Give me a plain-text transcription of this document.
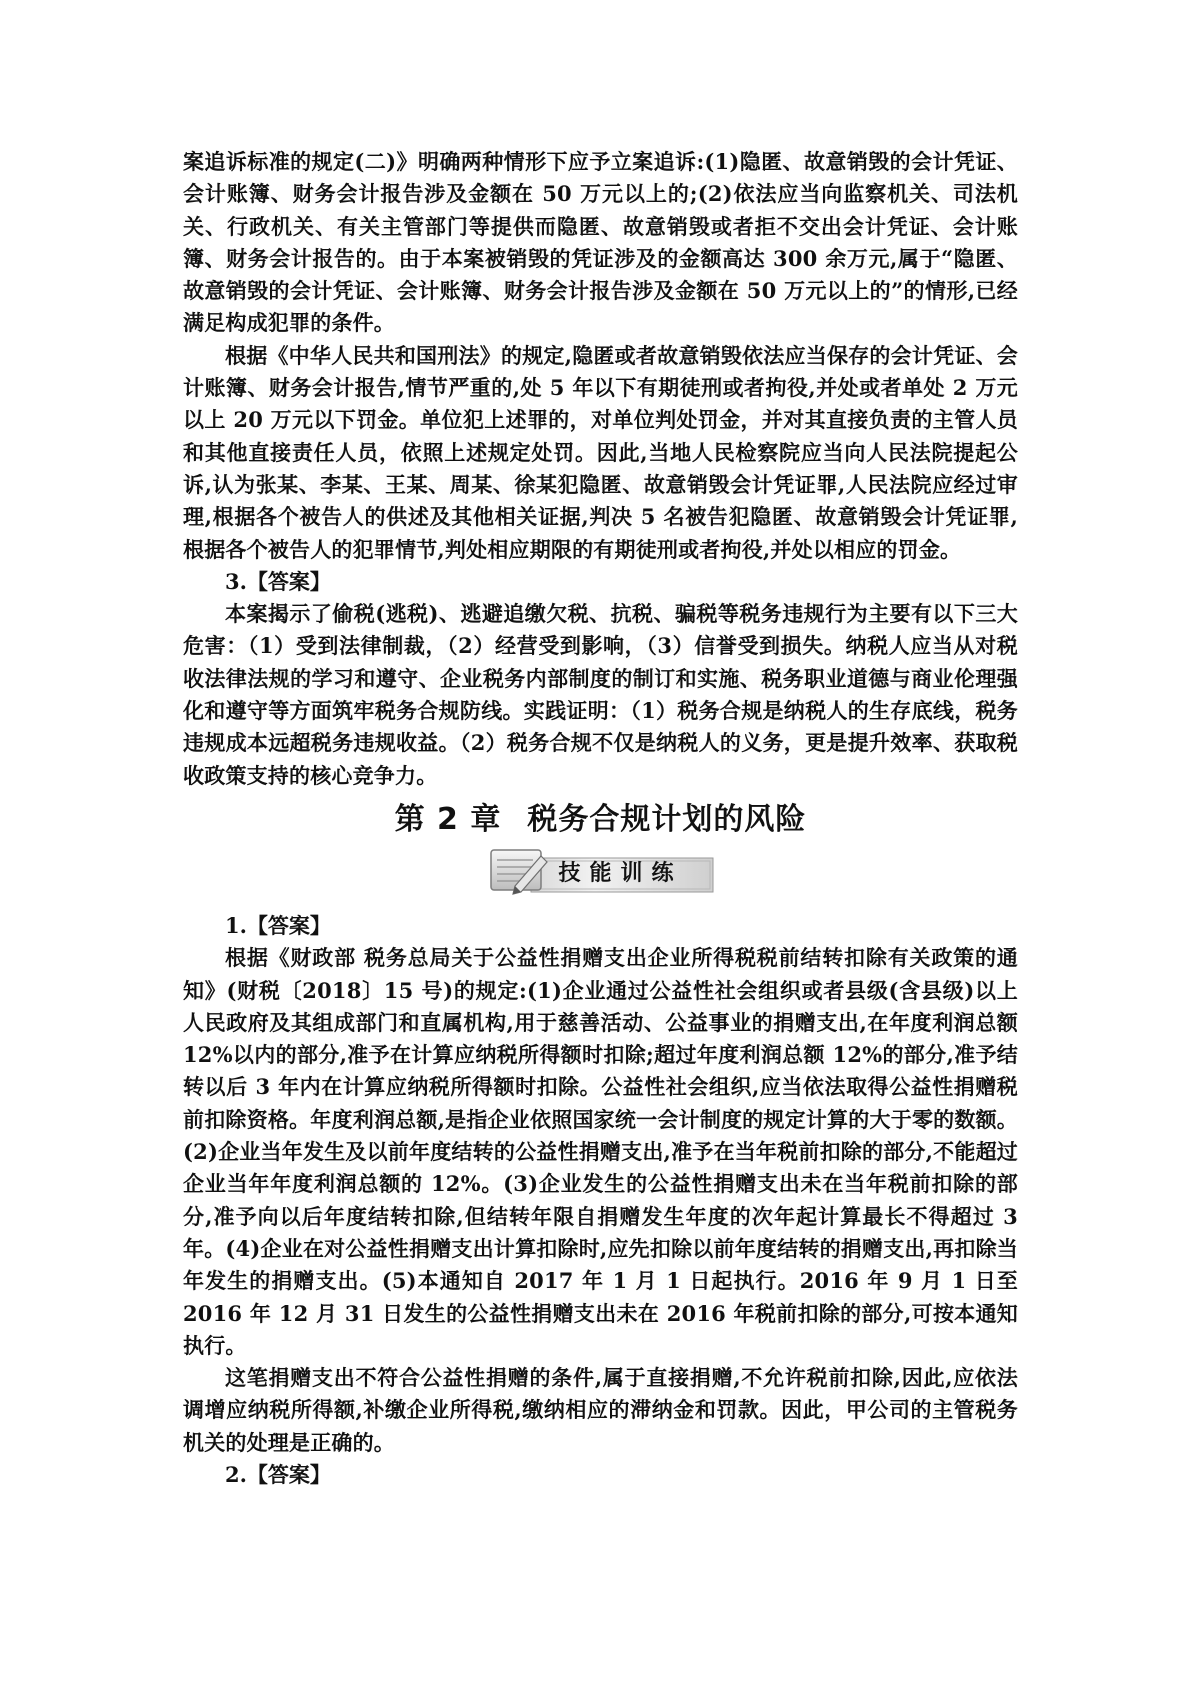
案追诉标准的规定(二)》明确两种情形下应予立案追诉:(1)隐匿、故意销毁的会计凭证、会计账簿、财务会计报告涉及金额在 50 万元以上的;(2)依法应当向监察机关、司法机关、行政机关、有关主管部门等提供而隐匿、故意销毁或者拒不交出会计凭证、会计账簿、财务会计报告的。由于本案被销毁的凭证涉及的金额高达 300 余万元,属于“隐匿、故意销毁的会计凭证、会计账簿、财务会计报告涉及金额在 50 万元以上的”的情形,已经满足构成犯罪的条件。

根据《中华人民共和国刑法》的规定,隐匿或者故意销毁依法应当保存的会计凭证、会计账簿、财务会计报告,情节严重的,处 5 年以下有期徒刑或者拘役,并处或者单处 2 万元以上 20 万元以下罚金。单位犯上述罪的，对单位判处罚金，并对其直接负责的主管人员和其他直接责任人员，依照上述规定处罚。因此,当地人民检察院应当向人民法院提起公诉,认为张某、李某、王某、周某、徐某犯隐匿、故意销毁会计凭证罪,人民法院应经过审理,根据各个被告人的供述及其他相关证据,判决 5 名被告犯隐匿、故意销毁会计凭证罪,根据各个被告人的犯罪情节,判处相应期限的有期徒刑或者拘役,并处以相应的罚金。

3.【答案】

本案揭示了偷税(逃税)、逃避追缴欠税、抗税、骗税等税务违规行为主要有以下三大危害：（1）受到法律制裁，（2）经营受到影响，（3）信誉受到损失。纳税人应当从对税收法律法规的学习和遵守、企业税务内部制度的制订和实施、税务职业道德与商业伦理强化和遵守等方面筑牢税务合规防线。实践证明：（1）税务合规是纳税人的生存底线，税务违规成本远超税务违规收益。（2）税务合规不仅是纳税人的义务，更是提升效率、获取税收政策支持的核心竞争力。

第 2 章 税务合规计划的风险
技能训练

1.【答案】

根据《财政部 税务总局关于公益性捐赠支出企业所得税税前结转扣除有关政策的通知》(财税〔2018〕15 号)的规定:(1)企业通过公益性社会组织或者县级(含县级)以上人民政府及其组成部门和直属机构,用于慈善活动、公益事业的捐赠支出,在年度利润总额 12%以内的部分,准予在计算应纳税所得额时扣除;超过年度利润总额 12%的部分,准予结转以后 3 年内在计算应纳税所得额时扣除。公益性社会组织,应当依法取得公益性捐赠税前扣除资格。年度利润总额,是指企业依照国家统一会计制度的规定计算的大于零的数额。(2)企业当年发生及以前年度结转的公益性捐赠支出,准予在当年税前扣除的部分,不能超过企业当年年度利润总额的 12%。(3)企业发生的公益性捐赠支出未在当年税前扣除的部分,准予向以后年度结转扣除,但结转年限自捐赠发生年度的次年起计算最长不得超过 3 年。(4)企业在对公益性捐赠支出计算扣除时,应先扣除以前年度结转的捐赠支出,再扣除当年发生的捐赠支出。(5)本通知自 2017 年 1 月 1 日起执行。2016 年 9 月 1 日至 2016 年 12 月 31 日发生的公益性捐赠支出未在 2016 年税前扣除的部分,可按本通知执行。

这笔捐赠支出不符合公益性捐赠的条件,属于直接捐赠,不允许税前扣除,因此,应依法调增应纳税所得额,补缴企业所得税,缴纳相应的滞纳金和罚款。因此，甲公司的主管税务机关的处理是正确的。

2.【答案】
